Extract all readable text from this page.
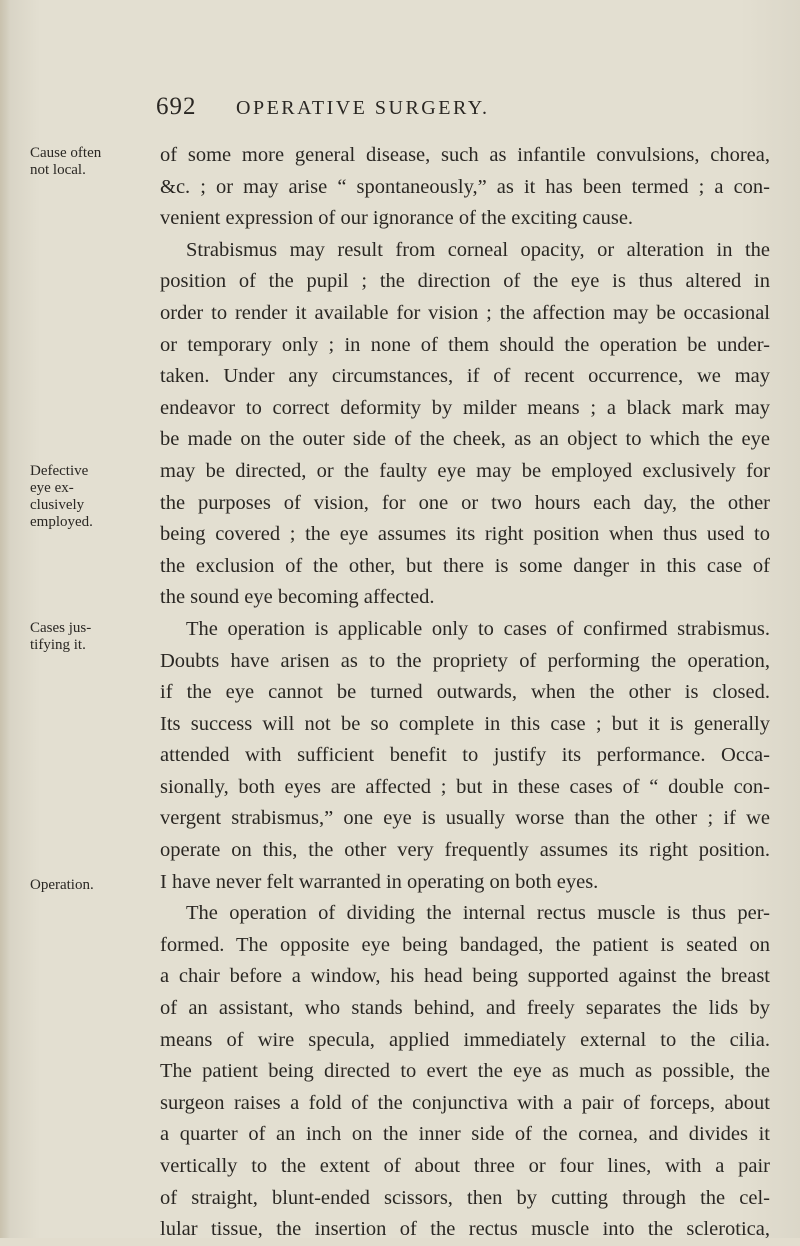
692 OPERATIVE SURGERY.
Cause often
not local.
Defective
eye ex-
clusively
employed.
Cases jus-
tifying it.
Operation.
of some more general disease, such as infantile convulsions, chorea,
&c. ; or may arise “ spontaneously,” as it has been termed ; a con-
venient expression of our ignorance of the exciting cause.
Strabismus may result from corneal opacity, or alteration in the
position of the pupil ; the direction of the eye is thus altered in
order to render it available for vision ; the affection may be occasional
or temporary only ; in none of them should the operation be under-
taken. Under any circumstances, if of recent occurrence, we may
endeavor to correct deformity by milder means ; a black mark may
be made on the outer side of the cheek, as an object to which the eye
may be directed, or the faulty eye may be employed exclusively for
the purposes of vision, for one or two hours each day, the other
being covered ; the eye assumes its right position when thus used to
the exclusion of the other, but there is some danger in this case of
the sound eye becoming affected.
The operation is applicable only to cases of confirmed strabismus.
Doubts have arisen as to the propriety of performing the operation,
if the eye cannot be turned outwards, when the other is closed.
Its success will not be so complete in this case ; but it is generally
attended with sufficient benefit to justify its performance. Occa-
sionally, both eyes are affected ; but in these cases of “ double con-
vergent strabismus,” one eye is usually worse than the other ; if we
operate on this, the other very frequently assumes its right position.
I have never felt warranted in operating on both eyes.
The operation of dividing the internal rectus muscle is thus per-
formed. The opposite eye being bandaged, the patient is seated on
a chair before a window, his head being supported against the breast
of an assistant, who stands behind, and freely separates the lids by
means of wire specula, applied immediately external to the cilia.
The patient being directed to evert the eye as much as possible, the
surgeon raises a fold of the conjunctiva with a pair of forceps, about
a quarter of an inch on the inner side of the cornea, and divides it
vertically to the extent of about three or four lines, with a pair
of straight, blunt-ended scissors, then by cutting through the cel-
lular tissue, the insertion of the rectus muscle into the sclerotica,
